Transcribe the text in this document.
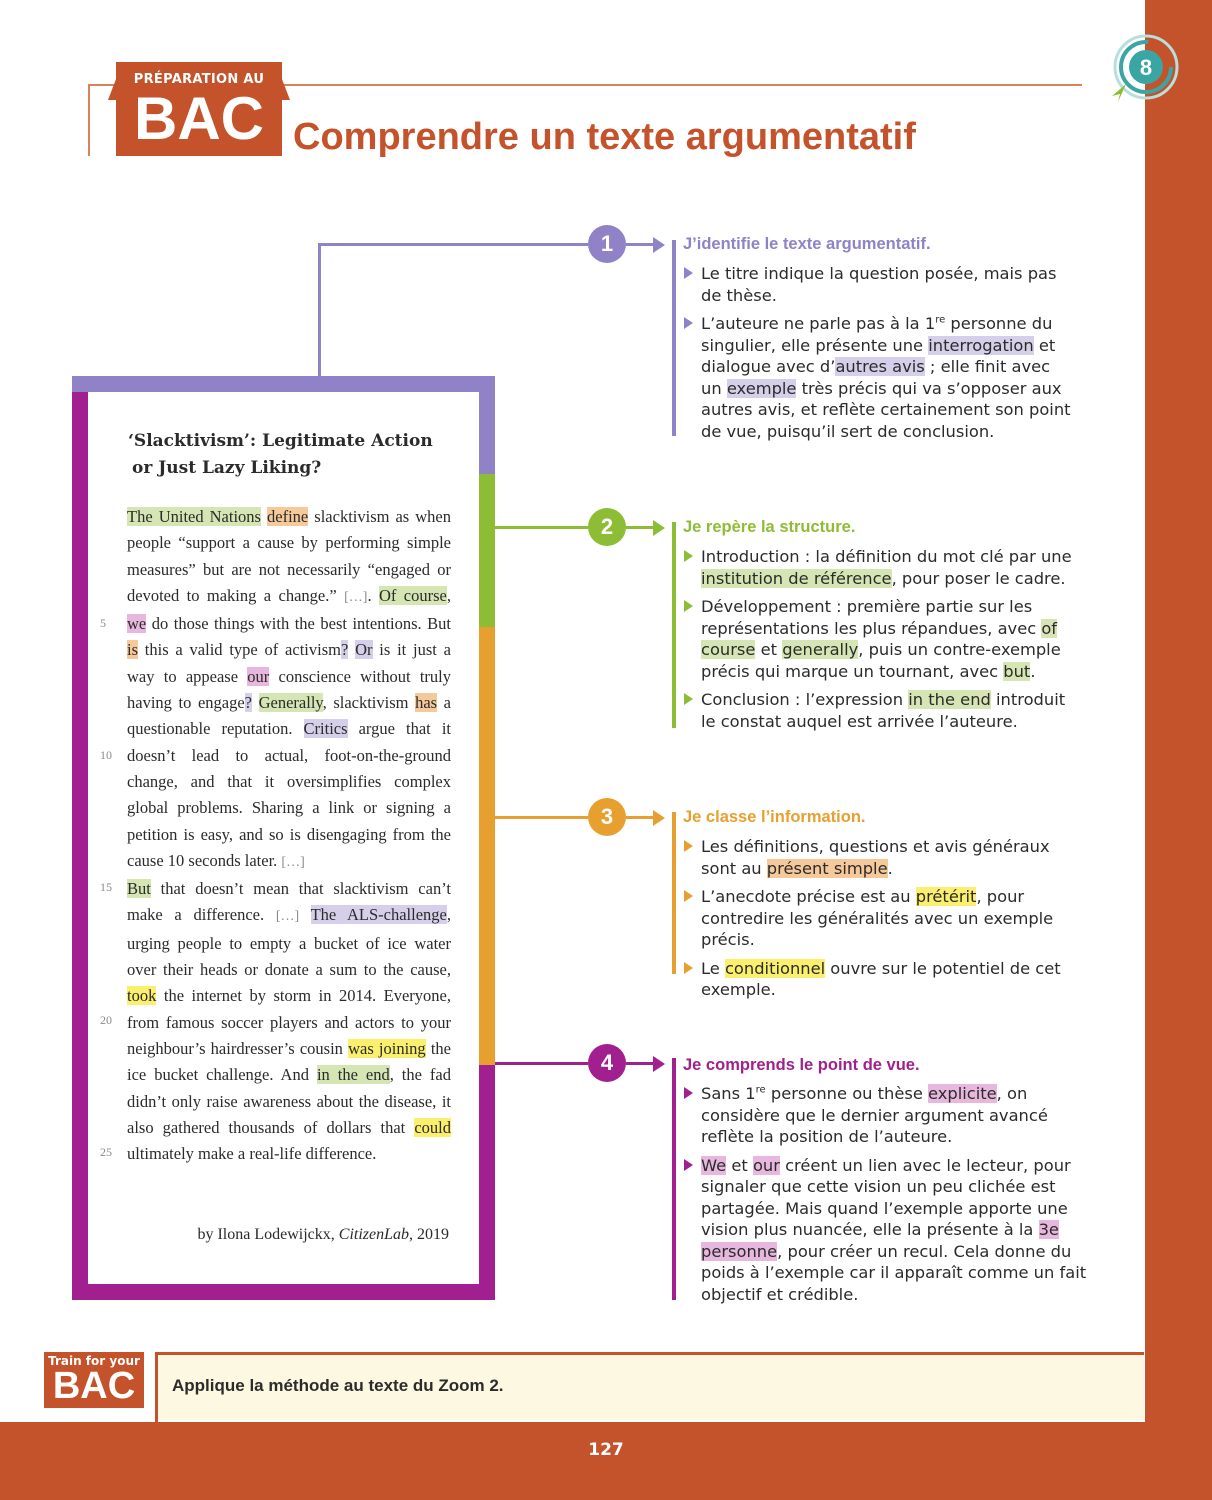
127
PRÉPARATION AU
BAC Comprendre un texte argumentatif
8
‘Slacktivism’: Legitimate Action
or Just Lazy Liking?
The United Nations define slacktivism as when people “support a cause by performing simple measures” but are not necessarily “engaged or devoted to making a change.” […]. Of course, we do those things with the best intentions. But is this a valid type of activism? Or is it just a way to appease our conscience without truly having to engage? Generally, slacktivism has a questionable reputation. Critics argue that it doesn’t lead to actual, foot-on-the-ground change, and that it oversimplifies complex global problems. Sharing a link or signing a petition is easy, and so is disengaging from the cause 10 seconds later. […]
But that doesn’t mean that slacktivism can’t make a difference. […] The ALS-challenge, urging people to empty a bucket of ice water over their heads or donate a sum to the cause, took the internet by storm in 2014. Everyone, from famous soccer players and actors to your neighbour’s hairdresser’s cousin was joining the ice bucket challenge. And in the end, the fad didn’t only raise awareness about the disease, it also gathered thousands of dollars that could ultimately make a real-life difference.
5
10
15
20
25
by Ilona Lodewijckx, CitizenLab, 2019
1
2
3
4
J’identifie le texte argumentatif.
Le titre indique la question posée, mais pas de thèse.
L’auteure ne parle pas à la 1re personne du singulier, elle présente une interrogation et dialogue avec d’autres avis ; elle finit avec un exemple très précis qui va s’opposer aux autres avis, et reflète certainement son point de vue, puisqu’il sert de conclusion.
Je repère la structure.
Introduction : la définition du mot clé par une institution de référence, pour poser le cadre.
Développement : première partie sur les représentations les plus répandues, avec of course et generally, puis un contre-exemple précis qui marque un tournant, avec but.
Conclusion : l’expression in the end introduit le constat auquel est arrivée l’auteure.
Je classe l’information.
Les définitions, questions et avis généraux sont au présent simple.
L’anecdote précise est au prétérit, pour contredire les généralités avec un exemple précis.
Le conditionnel ouvre sur le potentiel de cet exemple.
Je comprends le point de vue.
Sans 1re personne ou thèse explicite, on considère que le dernier argument avancé reflète la position de l’auteure.
We et our créent un lien avec le lecteur, pour signaler que cette vision un peu clichée est partagée. Mais quand l’exemple apporte une vision plus nuancée, elle la présente à la 3e personne, pour créer un recul. Cela donne du poids à l’exemple car il apparaît comme un fait objectif et crédible.
Train for your
BAC	Applique la méthode au texte du Zoom 2.
